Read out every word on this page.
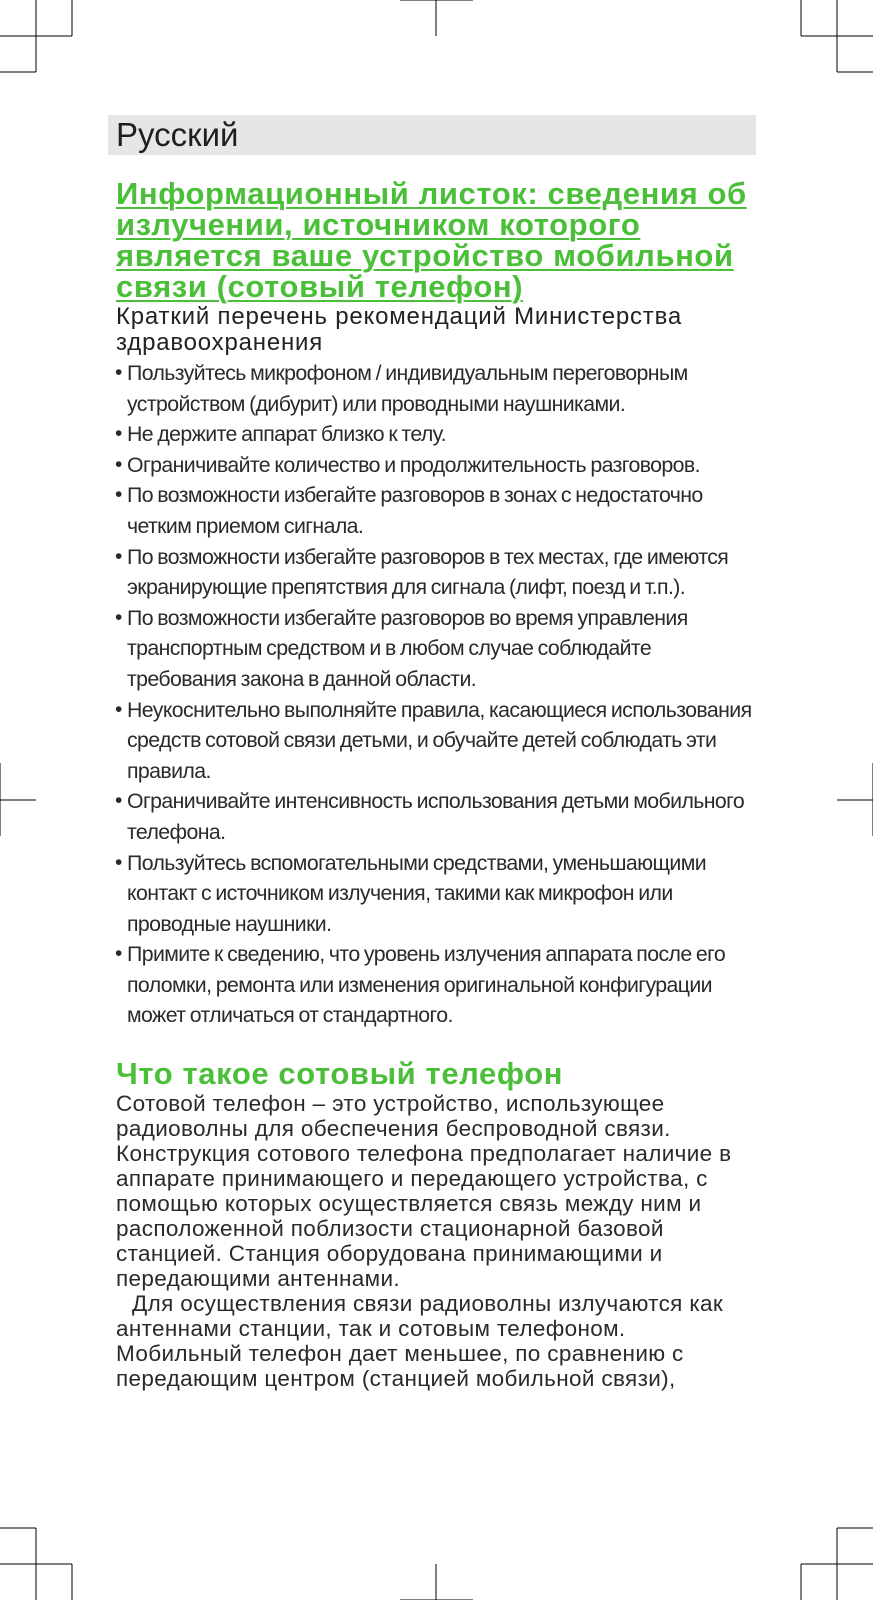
Русский
Информационный листок: сведения об излучении, источником которого является ваше устройство мобильной связи (сотовый телефон)

Краткий перечень рекомендаций Министерства здравоохранения

• Пользуйтесь микрофоном / индивидуальным переговорным устройством (дибурит) или проводными наушниками.
• Не держите аппарат близко к телу.
• Ограничивайте количество и продолжительность разговоров.
• По возможности избегайте разговоров в зонах с недостаточно четким приемом сигнала.
• По возможности избегайте разговоров в тех местах, где имеются экранирующие препятствия для сигнала (лифт, поезд и т.п.).
• По возможности избегайте разговоров во время управления транспортным средством и в любом случае соблюдайте требования закона в данной области.
• Неукоснительно выполняйте правила, касающиеся использования средств сотовой связи детьми, и обучайте детей соблюдать эти правила.
• Ограничивайте интенсивность использования детьми мобильного телефона.
• Пользуйтесь вспомогательными средствами, уменьшающими контакт с источником излучения, такими как микрофон или проводные наушники.
• Примите к сведению, что уровень излучения аппарата после его поломки, ремонта или изменения оригинальной конфигурации может отличаться от стандартного.
Что такое сотовый телефон

Сотовой телефон – это устройство, использующее радиоволны для обеспечения беспроводной связи. Конструкция сотового телефона предполагает наличие в аппарате принимающего и передающего устройства, с помощью которых осуществляется связь между ним и расположенной поблизости стационарной базовой станцией. Станция оборудована принимающими и передающими антеннами.

Для осуществления связи радиоволны излучаются как антеннами станции, так и сотовым телефоном. Мобильный телефон дает меньшее, по сравнению с передающим центром (станцией мобильной связи),
